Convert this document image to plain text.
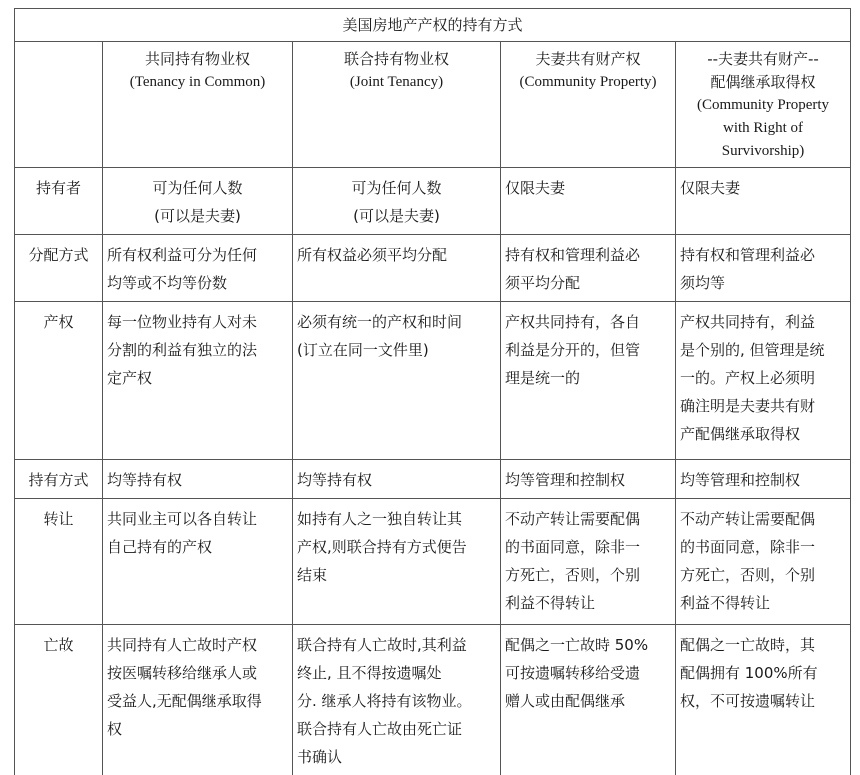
美国房地产产权的持有方式				

	共同持有物业权
(Tenancy in Common)	联合持有物业权
(Joint Tenancy)	夫妻共有财产权
(Community Property)	--夫妻共有财产--
配偶继承取得权
(Community Property
with Right of
Survivorship)

持有者	可为任何人数
(可以是夫妻)	可为任何人数
(可以是夫妻)	仅限夫妻	仅限夫妻
分配方式	所有权利益可分为任何
均等或不均等份数	所有权益必须平均分配	持有权和管理利益必
须平均分配	持有权和管理利益必
须均等
产权	每一位物业持有人对未
分割的利益有独立的法
定产权	必须有统一的产权和时间
(订立在同一文件里)	产权共同持有，各自
利益是分开的，但管
理是统一的	产权共同持有，利益
是个别的, 但管理是统
一的。产权上必须明
确注明是夫妻共有财
产配偶继承取得权
持有方式	均等持有权	均等持有权	均等管理和控制权	均等管理和控制权
转让	共同业主可以各自转让
自己持有的产权	如持有人之一独自转让其
产权,则联合持有方式便告
结束	不动产转让需要配偶
的书面同意，除非一
方死亡，否则，个别
利益不得转让	不动产转让需要配偶
的书面同意，除非一
方死亡，否则，个别
利益不得转让
亡故	共同持有人亡故时产权
按医嘱转移给继承人或
受益人,无配偶继承取得
权	联合持有人亡故时,其利益
终止, 且不得按遗嘱处
分. 继承人将持有该物业。
联合持有人亡故由死亡证
书确认	配偶之一亡故時 50%
可按遗嘱转移给受遗
赠人或由配偶继承	配偶之一亡故時，其
配偶拥有 100%所有
权，不可按遗嘱转让
